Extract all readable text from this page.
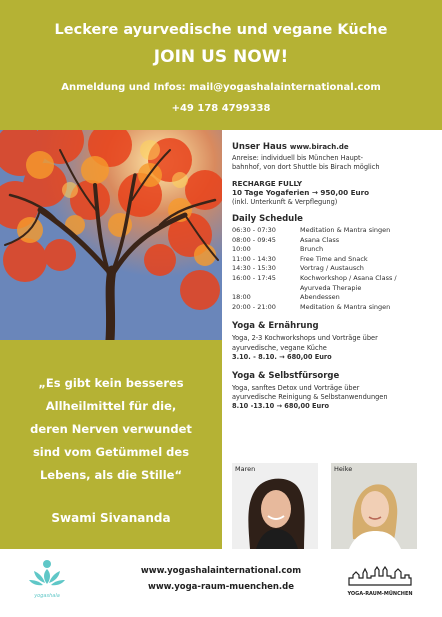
Leckere ayurvedische und vegane Küche
JOIN US NOW!
Anmeldung und Infos: mail@yogashalainternational.com
+49 178 4799338
„Es gibt kein besseres
Allheilmittel für die,
deren Nerven verwundet
sind vom Getümmel des
Lebens, als die Stille“
Swami Sivananda
Unser Haus www.birach.de
Anreise: individuell bis München Haupt-
bahnhof, von dort Shuttle bis Birach möglich
RECHARGE FULLY
10 Tage Yogaferien → 950,00 Euro
(inkl. Unterkunft & Verpflegung)
Daily Schedule
06:30 - 07:30	Meditation & Mantra singen
08:00 - 09:45	Asana Class
10:00	Brunch
11:00 - 14:30	Free Time and Snack
14:30 - 15:30	Vortrag / Austausch
16:00 - 17:45	Kochworkshop / Asana Class /
Ayurveda Therapie
18:00	Abendessen
20:00 - 21:00	Meditation & Mantra singen
Yoga & Ernährung
Yoga, 2-3 Kochworkshops und Vorträge über
ayurvedische, vegane Küche
3.10. - 8.10. → 680,00 Euro
Yoga & Selbstfürsorge
Yoga, sanftes Detox und Vorträge über
ayurvedische Reinigung & Selbstanwendungen
8.10 -13.10 → 680,00 Euro
Maren	Heike
yogashala
www.yogashalainternational.com
www.yoga-raum-muenchen.de
YOGA-RAUM-MÜNCHEN
